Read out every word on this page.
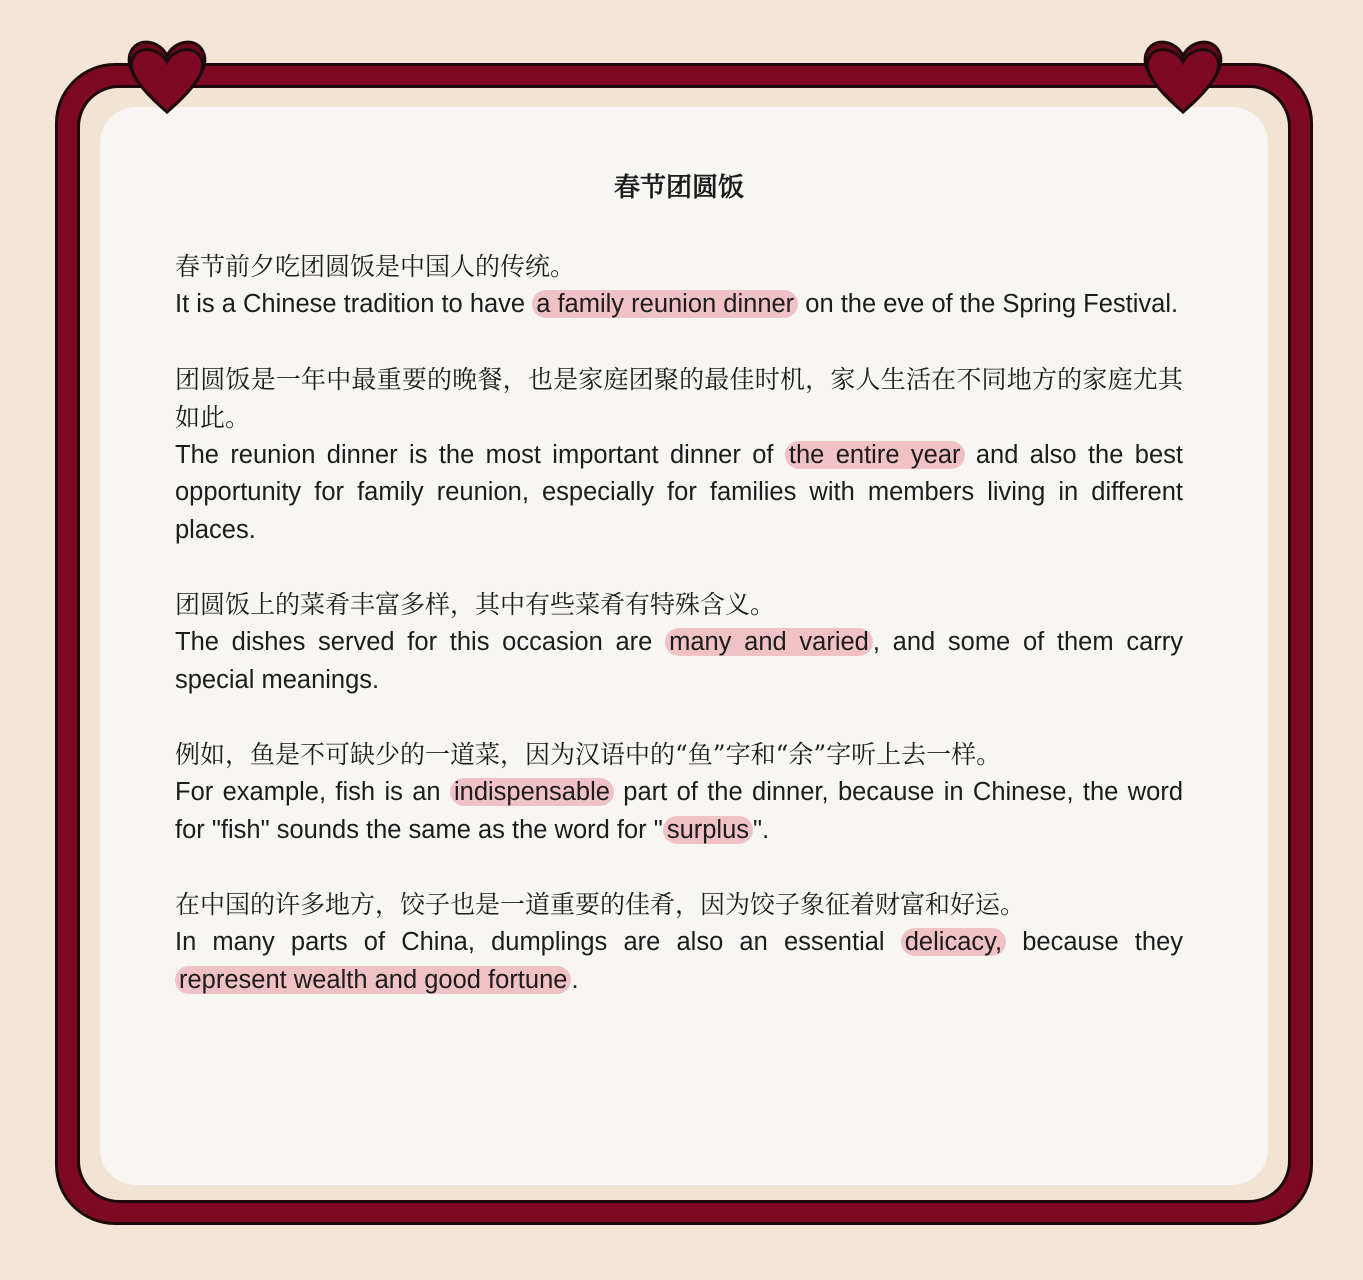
春节团圆饭
春节前夕吃团圆饭是中国人的传统。
It is a Chinese tradition to have a family reunion dinner on the eve of the Spring Festival.
团圆饭是一年中最重要的晚餐，也是家庭团聚的最佳时机，家人生活在不同地方的家庭尤其如此。
The reunion dinner is the most important dinner of the entire year and also the best opportunity for family reunion, especially for families with members living in different places.
团圆饭上的菜肴丰富多样，其中有些菜肴有特殊含义。
The dishes served for this occasion are many and varied , and some of them carry special meanings.
例如，鱼是不可缺少的一道菜，因为汉语中的“鱼”字和“余”字听上去一样。
For example, fish is an indispensable part of the dinner, because in Chinese, the word for "fish" sounds the same as the word for " surplus ".
在中国的许多地方，饺子也是一道重要的佳肴，因为饺子象征着财富和好运。
In many parts of China, dumplings are also an essential delicacy, because they represent wealth and good fortune .
